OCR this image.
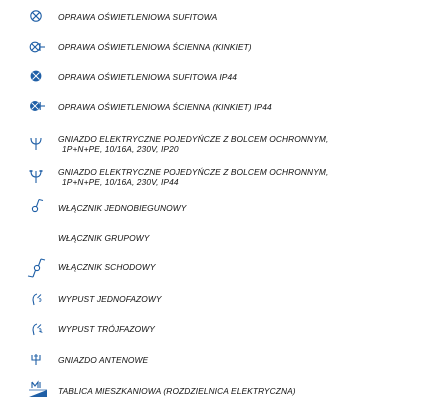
OPRAWA OŚWIETLENIOWA SUFITOWA
OPRAWA OŚWIETLENIOWA ŚCIENNA (KINKIET)
OPRAWA OŚWIETLENIOWA SUFITOWA IP44
OPRAWA OŚWIETLENIOWA ŚCIENNA (KINKIET) IP44
GNIAZDO ELEKTRYCZNE POJEDYŃCZE Z BOLCEM OCHRONNYM,
1P+N+PE, 10/16A, 230V, IP20
GNIAZDO ELEKTRYCZNE POJEDYŃCZE Z BOLCEM OCHRONNYM,
1P+N+PE, 10/16A, 230V, IP44
WŁĄCZNIK JEDNOBIEGUNOWY
WŁĄCZNIK GRUPOWY
WŁĄCZNIK SCHODOWY
WYPUST JEDNOFAZOWY
WYPUST TRÓJFAZOWY
GNIAZDO ANTENOWE
TABLICA MIESZKANIOWA (ROZDZIELNICA ELEKTRYCZNA)
